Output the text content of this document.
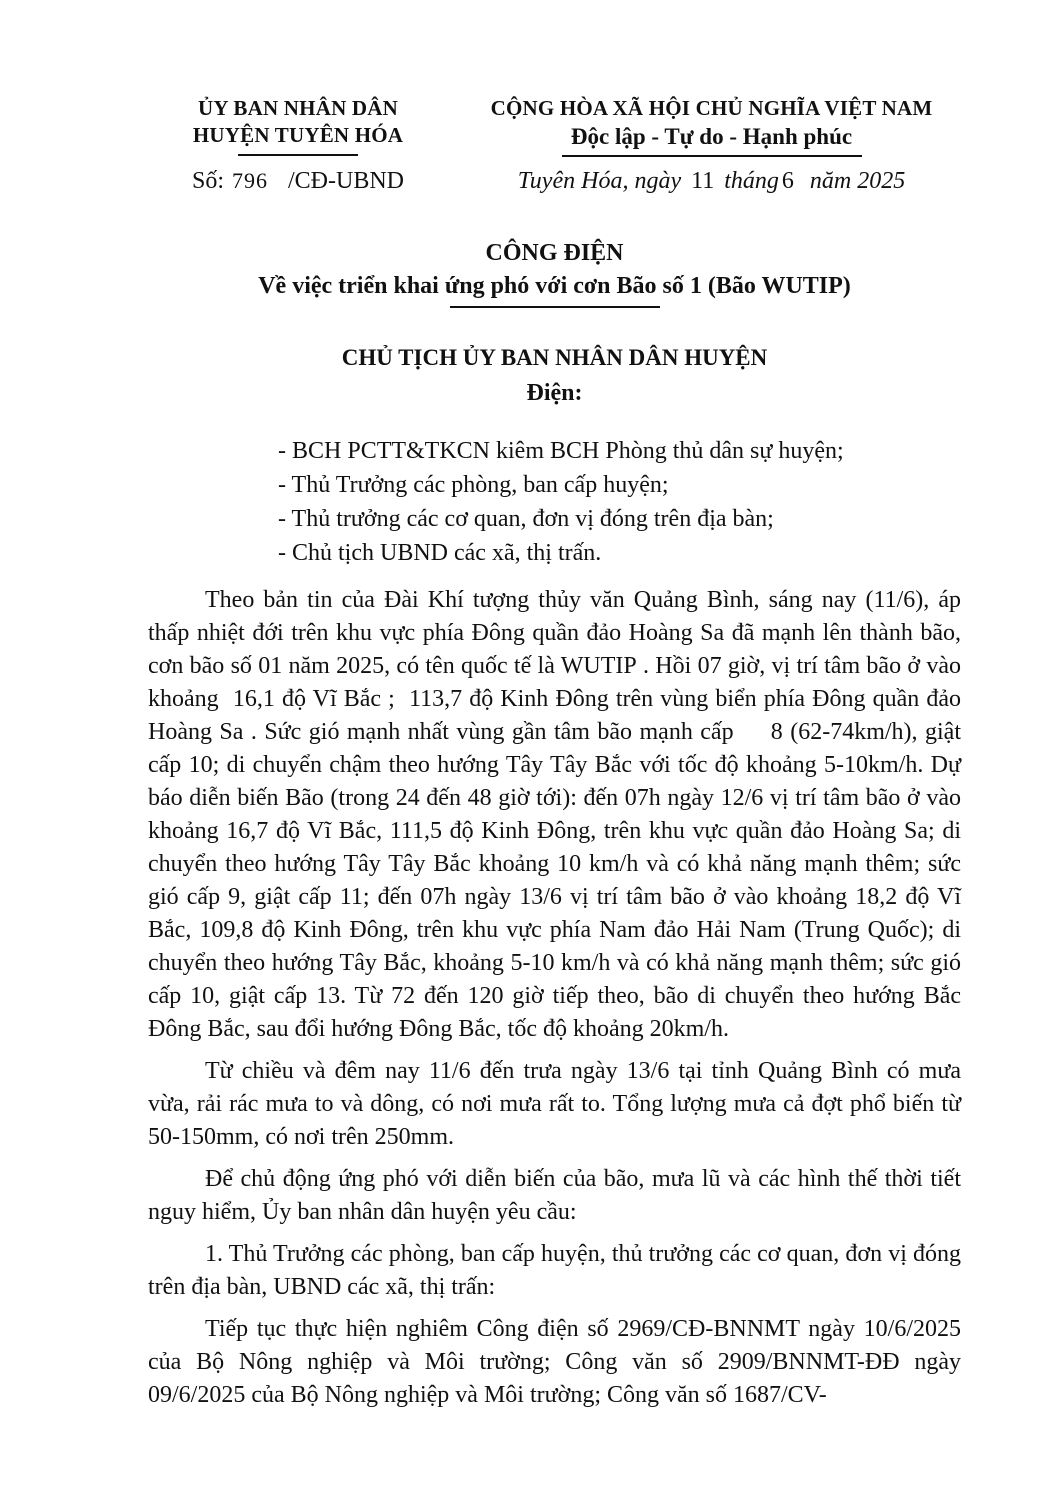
ỦY BAN NHÂN DÂN
HUYỆN TUYÊN HÓA
Số: 796 /CĐ-UBND
CỘNG HÒA XÃ HỘI CHỦ NGHĨA VIỆT NAM
Độc lập - Tự do - Hạnh phúc
Tuyên Hóa, ngày 11 tháng 6 năm 2025
CÔNG ĐIỆN
Về việc triển khai ứng phó với cơn Bão số 1 (Bão WUTIP)
CHỦ TỊCH ỦY BAN NHÂN DÂN HUYỆN
Điện:
- BCH PCTT&TKCN kiêm BCH Phòng thủ dân sự huyện;
- Thủ Trưởng các phòng, ban cấp huyện;
- Thủ trưởng các cơ quan, đơn vị đóng trên địa bàn;
- Chủ tịch UBND các xã, thị trấn.

Theo bản tin của Đài Khí tượng thủy văn Quảng Bình, sáng nay (11/6), áp thấp nhiệt đới trên khu vực phía Đông quần đảo Hoàng Sa đã mạnh lên thành bão, cơn bão số 01 năm 2025, có tên quốc tế là WUTIP . Hồi 07 giờ, vị trí tâm bão ở vào khoảng  16,1 độ Vĩ Bắc ;  113,7 độ Kinh Đông trên vùng biển phía Đông quần đảo Hoàng Sa . Sức gió mạnh nhất vùng gần tâm bão mạnh cấp     8 (62-74km/h), giật cấp 10; di chuyển chậm theo hướng Tây Tây Bắc với tốc độ khoảng 5-10km/h. Dự báo diễn biến Bão (trong 24 đến 48 giờ tới): đến 07h ngày 12/6 vị trí tâm bão ở vào khoảng 16,7 độ Vĩ Bắc, 111,5 độ Kinh Đông, trên khu vực quần đảo Hoàng Sa; di chuyển theo hướng Tây Tây Bắc khoảng 10 km/h và có khả năng mạnh thêm; sức gió cấp 9, giật cấp 11; đến 07h ngày 13/6 vị trí tâm bão ở vào khoảng 18,2 độ Vĩ Bắc, 109,8 độ Kinh Đông, trên khu vực phía Nam đảo Hải Nam (Trung Quốc); di chuyển theo hướng Tây Bắc, khoảng 5-10 km/h và có khả năng mạnh thêm; sức gió cấp 10, giật cấp 13. Từ 72 đến 120 giờ tiếp theo, bão di chuyển theo hướng Bắc Đông Bắc, sau đổi hướng Đông Bắc, tốc độ khoảng 20km/h.

Từ chiều và đêm nay 11/6 đến trưa ngày 13/6 tại tỉnh Quảng Bình có mưa vừa, rải rác mưa to và dông, có nơi mưa rất to. Tổng lượng mưa cả đợt phổ biến từ 50-150mm, có nơi trên 250mm.

Để chủ động ứng phó với diễn biến của bão, mưa lũ và các hình thế thời tiết nguy hiểm, Ủy ban nhân dân huyện yêu cầu:

1. Thủ Trưởng các phòng, ban cấp huyện, thủ trưởng các cơ quan, đơn vị đóng trên địa bàn, UBND các xã, thị trấn:

Tiếp tục thực hiện nghiêm Công điện số 2969/CĐ-BNNMT ngày 10/6/2025 của Bộ Nông nghiệp và Môi trường; Công văn số 2909/BNNMT-ĐĐ ngày 09/6/2025 của Bộ Nông nghiệp và Môi trường; Công văn số 1687/CV-
